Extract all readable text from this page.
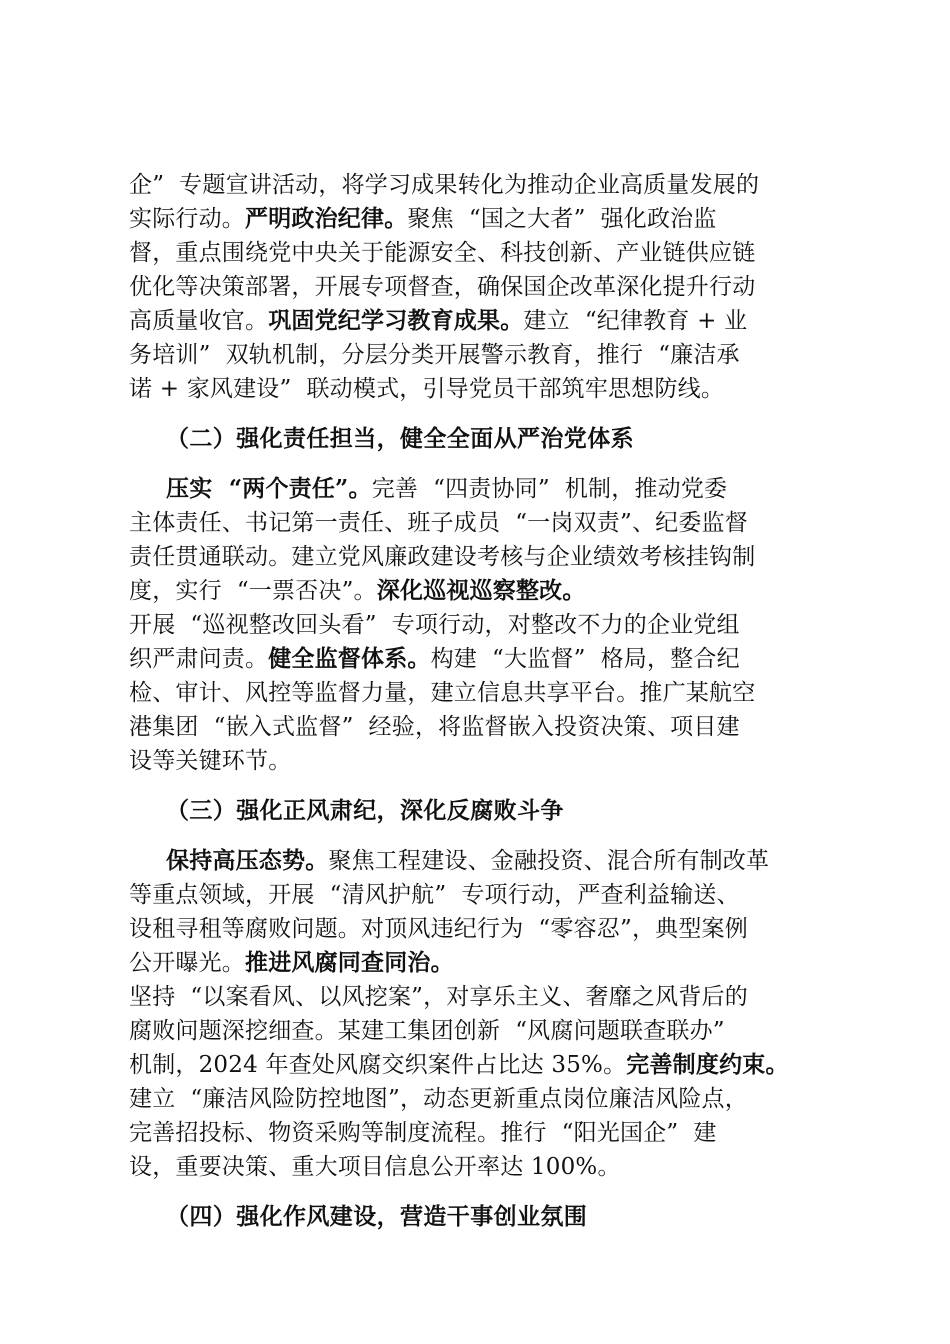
企”  专题宣讲活动，将学习成果转化为推动企业高质量发展的
实际行动。严明政治纪律。聚焦  “国之大者”  强化政治监
督，重点围绕党中央关于能源安全、科技创新、产业链供应链
优化等决策部署，开展专项督查，确保国企改革深化提升行动
高质量收官。巩固党纪学习教育成果。建立  “纪律教育 + 业
务培训”  双轨机制，分层分类开展警示教育，推行  “廉洁承
诺 + 家风建设”  联动模式，引导党员干部筑牢思想防线。
（二）强化责任担当，健全全面从严治党体系
压实  “两个责任”。完善  “四责协同”  机制，推动党委
主体责任、书记第一责任、班子成员  “一岗双责”、纪委监督
责任贯通联动。建立党风廉政建设考核与企业绩效考核挂钩制
度，实行  “一票否决”。深化巡视巡察整改。
开展  “巡视整改回头看”  专项行动，对整改不力的企业党组
织严肃问责。健全监督体系。构建  “大监督”  格局，整合纪
检、审计、风控等监督力量，建立信息共享平台。推广某航空
港集团  “嵌入式监督”  经验，将监督嵌入投资决策、项目建
设等关键环节。
（三）强化正风肃纪，深化反腐败斗争
保持高压态势。聚焦工程建设、金融投资、混合所有制改革
等重点领域，开展  “清风护航”  专项行动，严查利益输送、
设租寻租等腐败问题。对顶风违纪行为  “零容忍”，典型案例
公开曝光。推进风腐同查同治。
坚持  “以案看风、以风挖案”，对享乐主义、奢靡之风背后的
腐败问题深挖细查。某建工集团创新  “风腐问题联查联办”
机制，2024 年查处风腐交织案件占比达 35%。完善制度约束。
建立  “廉洁风险防控地图”，动态更新重点岗位廉洁风险点，
完善招投标、物资采购等制度流程。推行  “阳光国企”  建
设，重要决策、重大项目信息公开率达 100%。
（四）强化作风建设，营造干事创业氛围
